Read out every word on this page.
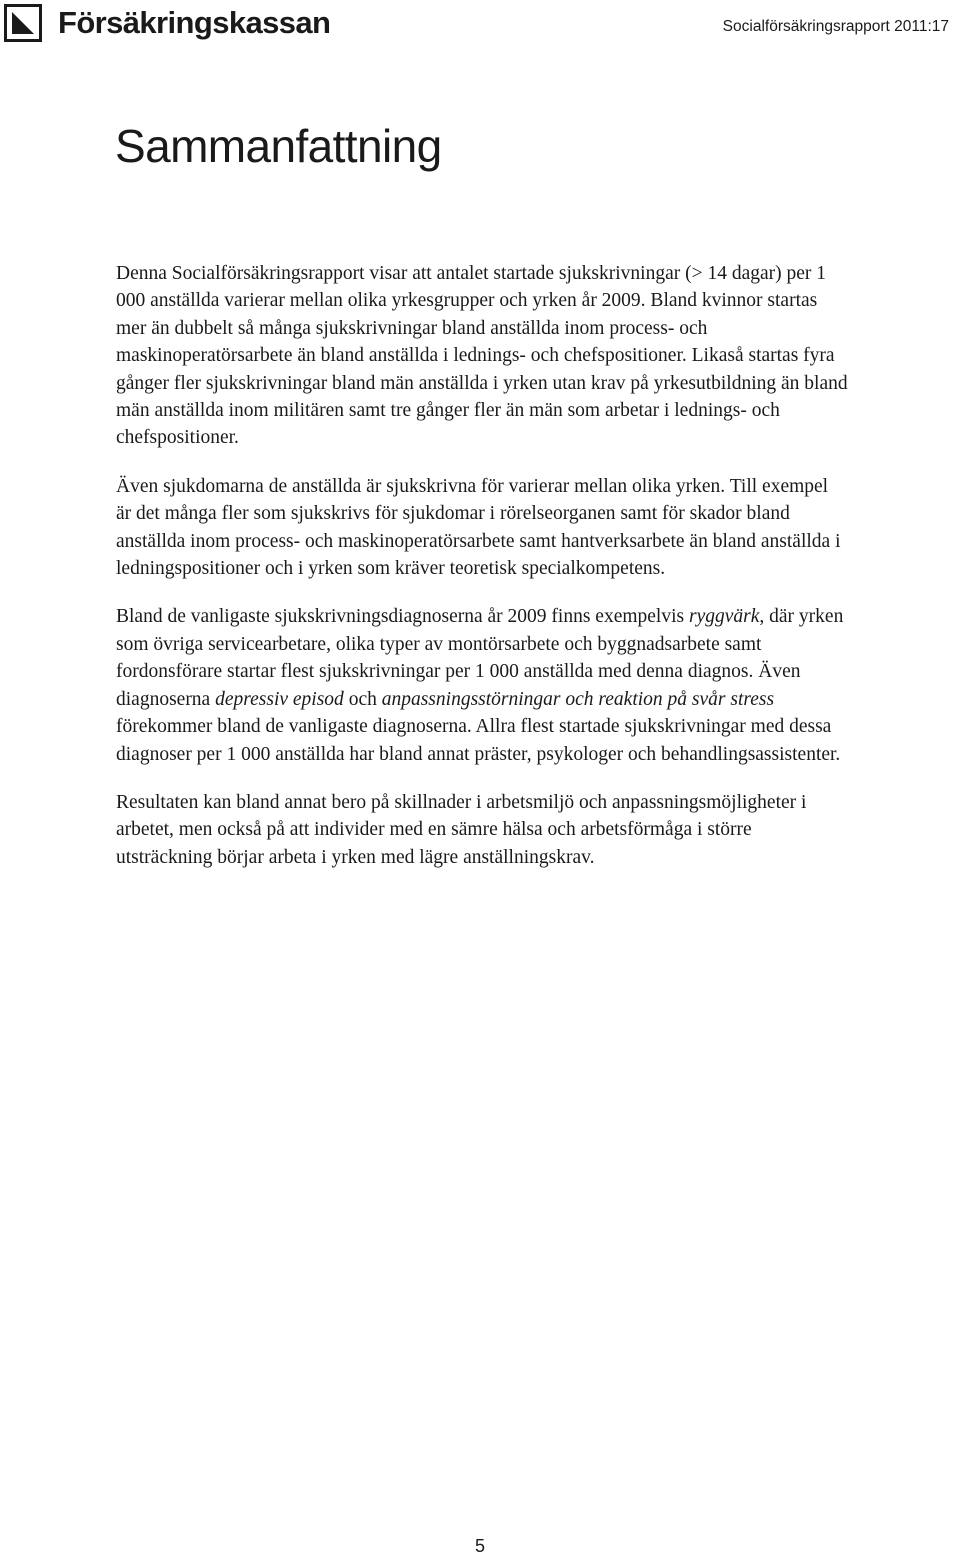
Försäkringskassan	Socialförsäkringsrapport 2011:17
Sammanfattning

Denna Socialförsäkringsrapport visar att antalet startade sjukskrivningar (> 14 dagar) per 1 000 anställda varierar mellan olika yrkesgrupper och yrken år 2009. Bland kvinnor startas mer än dubbelt så många sjukskrivningar bland anställda inom process- och maskinoperatörsarbete än bland anställda i lednings- och chefspositioner. Likaså startas fyra gånger fler sjukskrivningar bland män anställda i yrken utan krav på yrkesutbildning än bland män anställda inom militären samt tre gånger fler än män som arbetar i lednings- och chefspositioner.

Även sjukdomarna de anställda är sjukskrivna för varierar mellan olika yrken. Till exempel är det många fler som sjukskrivs för sjukdomar i rörelseorganen samt för skador bland anställda inom process- och maskinoperatörsarbete samt hantverksarbete än bland anställda i ledningspositioner och i yrken som kräver teoretisk specialkompetens.

Bland de vanligaste sjukskrivningsdiagnoserna år 2009 finns exempelvis ryggvärk, där yrken som övriga servicearbetare, olika typer av montörsarbete och byggnadsarbete samt fordonsförare startar flest sjukskrivningar per 1 000 anställda med denna diagnos. Även diagnoserna depressiv episod och anpassningsstörningar och reaktion på svår stress förekommer bland de vanligaste diagnoserna. Allra flest startade sjukskrivningar med dessa diagnoser per 1 000 anställda har bland annat präster, psykologer och behandlingsassistenter.

Resultaten kan bland annat bero på skillnader i arbetsmiljö och anpassningsmöjligheter i arbetet, men också på att individer med en sämre hälsa och arbetsförmåga i större utsträckning börjar arbeta i yrken med lägre anställningskrav.

5
